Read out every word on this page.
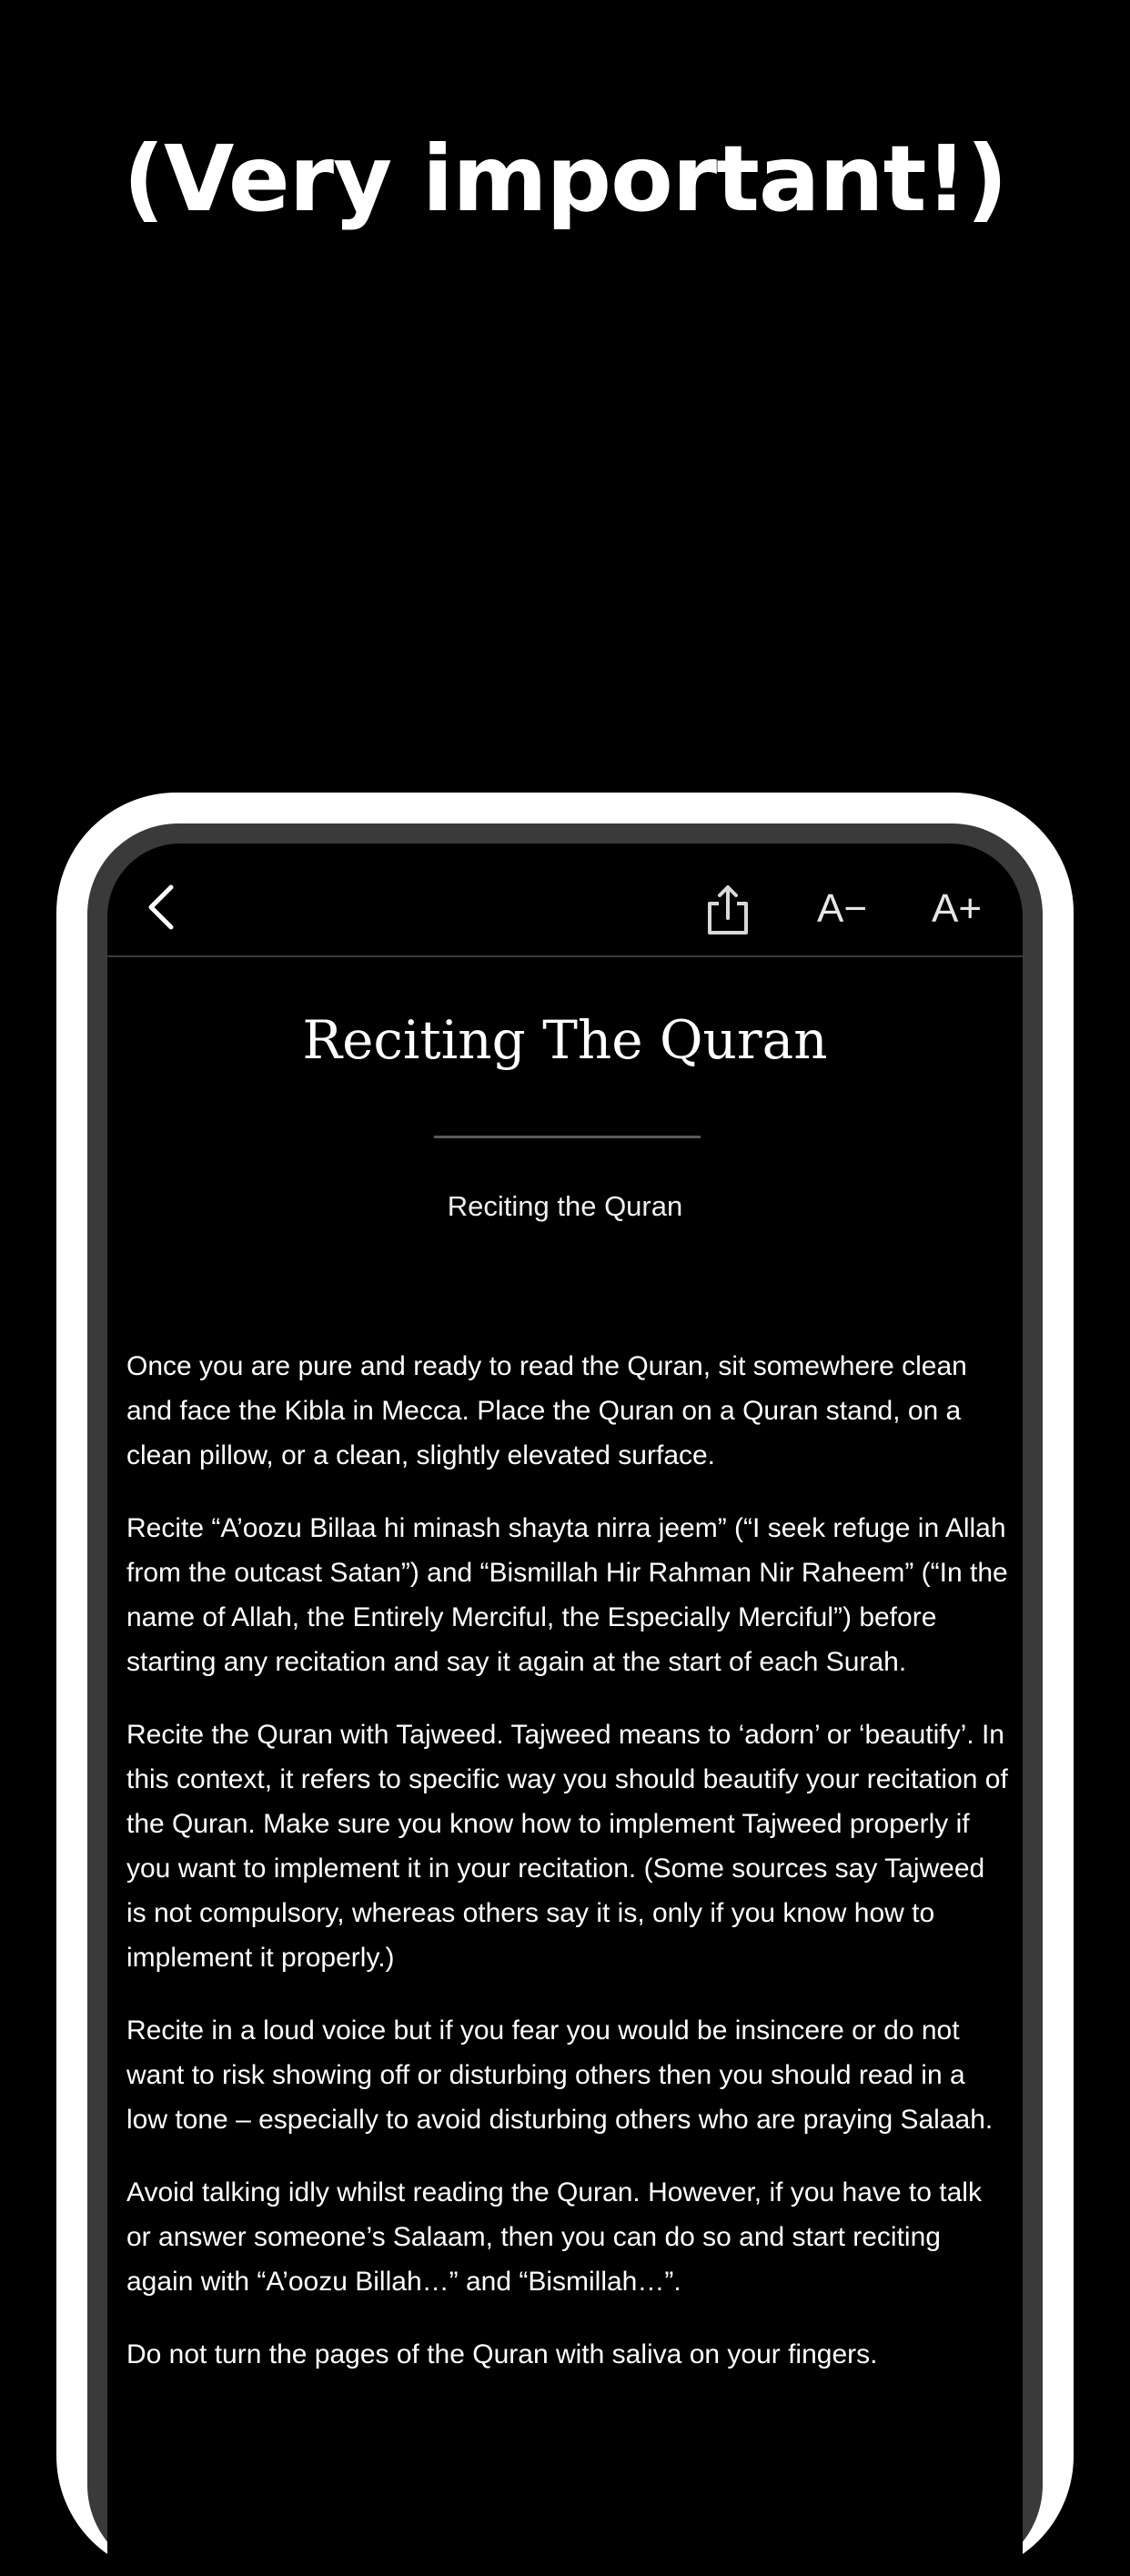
(Very important!)
A− A+
Reciting The Quran
Reciting the Quran

Once you are pure and ready to read the Quran, sit somewhere clean and face the Kibla in Mecca. Place the Quran on a Quran stand, on a clean pillow, or a clean, slightly elevated surface.

Recite “A’oozu Billaa hi minash shayta nirra jeem” (“I seek refuge in Allah from the outcast Satan”) and “Bismillah Hir Rahman Nir Raheem” (“In the name of Allah, the Entirely Merciful, the Especially Merciful”) before starting any recitation and say it again at the start of each Surah.

Recite the Quran with Tajweed. Tajweed means to ‘adorn’ or ‘beautify’. In this context, it refers to specific way you should beautify your recitation of the Quran. Make sure you know how to implement Tajweed properly if you want to implement it in your recitation. (Some sources say Tajweed is not compulsory, whereas others say it is, only if you know how to implement it properly.)

Recite in a loud voice but if you fear you would be insincere or do not want to risk showing off or disturbing others then you should read in a low tone – especially to avoid disturbing others who are praying Salaah.

Avoid talking idly whilst reading the Quran. However, if you have to talk or answer someone’s Salaam, then you can do so and start reciting again with “A’oozu Billah…” and “Bismillah…”.

Do not turn the pages of the Quran with saliva on your fingers.
